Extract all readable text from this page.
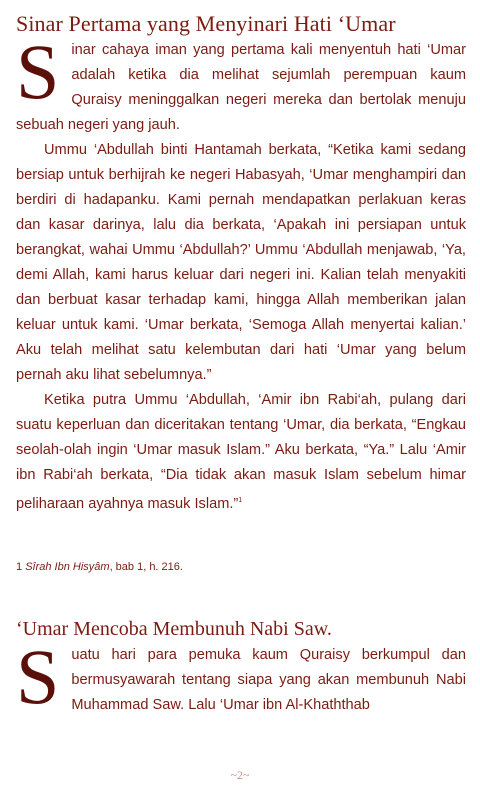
Sinar Pertama yang Menyinari Hati ‘Umar

S inar cahaya iman yang pertama kali menyentuh hati ‘Umar adalah ketika dia melihat sejumlah perempuan kaum Quraisy meninggalkan negeri mereka dan bertolak menuju sebuah negeri yang jauh.

Ummu ‘Abdullah binti Hantamah berkata, “Ketika kami sedang bersiap untuk berhijrah ke negeri Habasyah, ‘Umar menghampiri dan berdiri di hadapanku. Kami pernah mendapatkan perlakuan keras dan kasar darinya, lalu dia berkata, ‘Apakah ini persiapan untuk berangkat, wahai Ummu ‘Abdullah?’ Ummu ‘Abdullah menjawab, ‘Ya, demi Allah, kami harus keluar dari negeri ini. Kalian telah menyakiti dan berbuat kasar terhadap kami, hingga Allah memberikan jalan keluar untuk kami. ‘Umar berkata, ‘Semoga Allah menyertai kalian.’ Aku telah melihat satu kelembutan dari hati ‘Umar yang belum pernah aku lihat sebelumnya.”

Ketika putra Ummu ‘Abdullah, ‘Amir ibn Rabi‘ah, pulang dari suatu keperluan dan diceritakan tentang ‘Umar, dia berkata, “Engkau seolah-olah ingin ‘Umar masuk Islam.” Aku berkata, “Ya.” Lalu ‘Amir ibn Rabi‘ah berkata, “Dia tidak akan masuk Islam sebelum himar peliharaan ayahnya masuk Islam.”$^1$

1 Sîrah Ibn Hisyâm, bab 1, h. 216.
‘Umar Mencoba Membunuh Nabi Saw.

S uatu hari para pemuka kaum Quraisy berkumpul dan bermusyawarah tentang siapa yang akan membunuh Nabi Muhammad Saw. Lalu ‘Umar ibn Al-Khaththab

~2~
